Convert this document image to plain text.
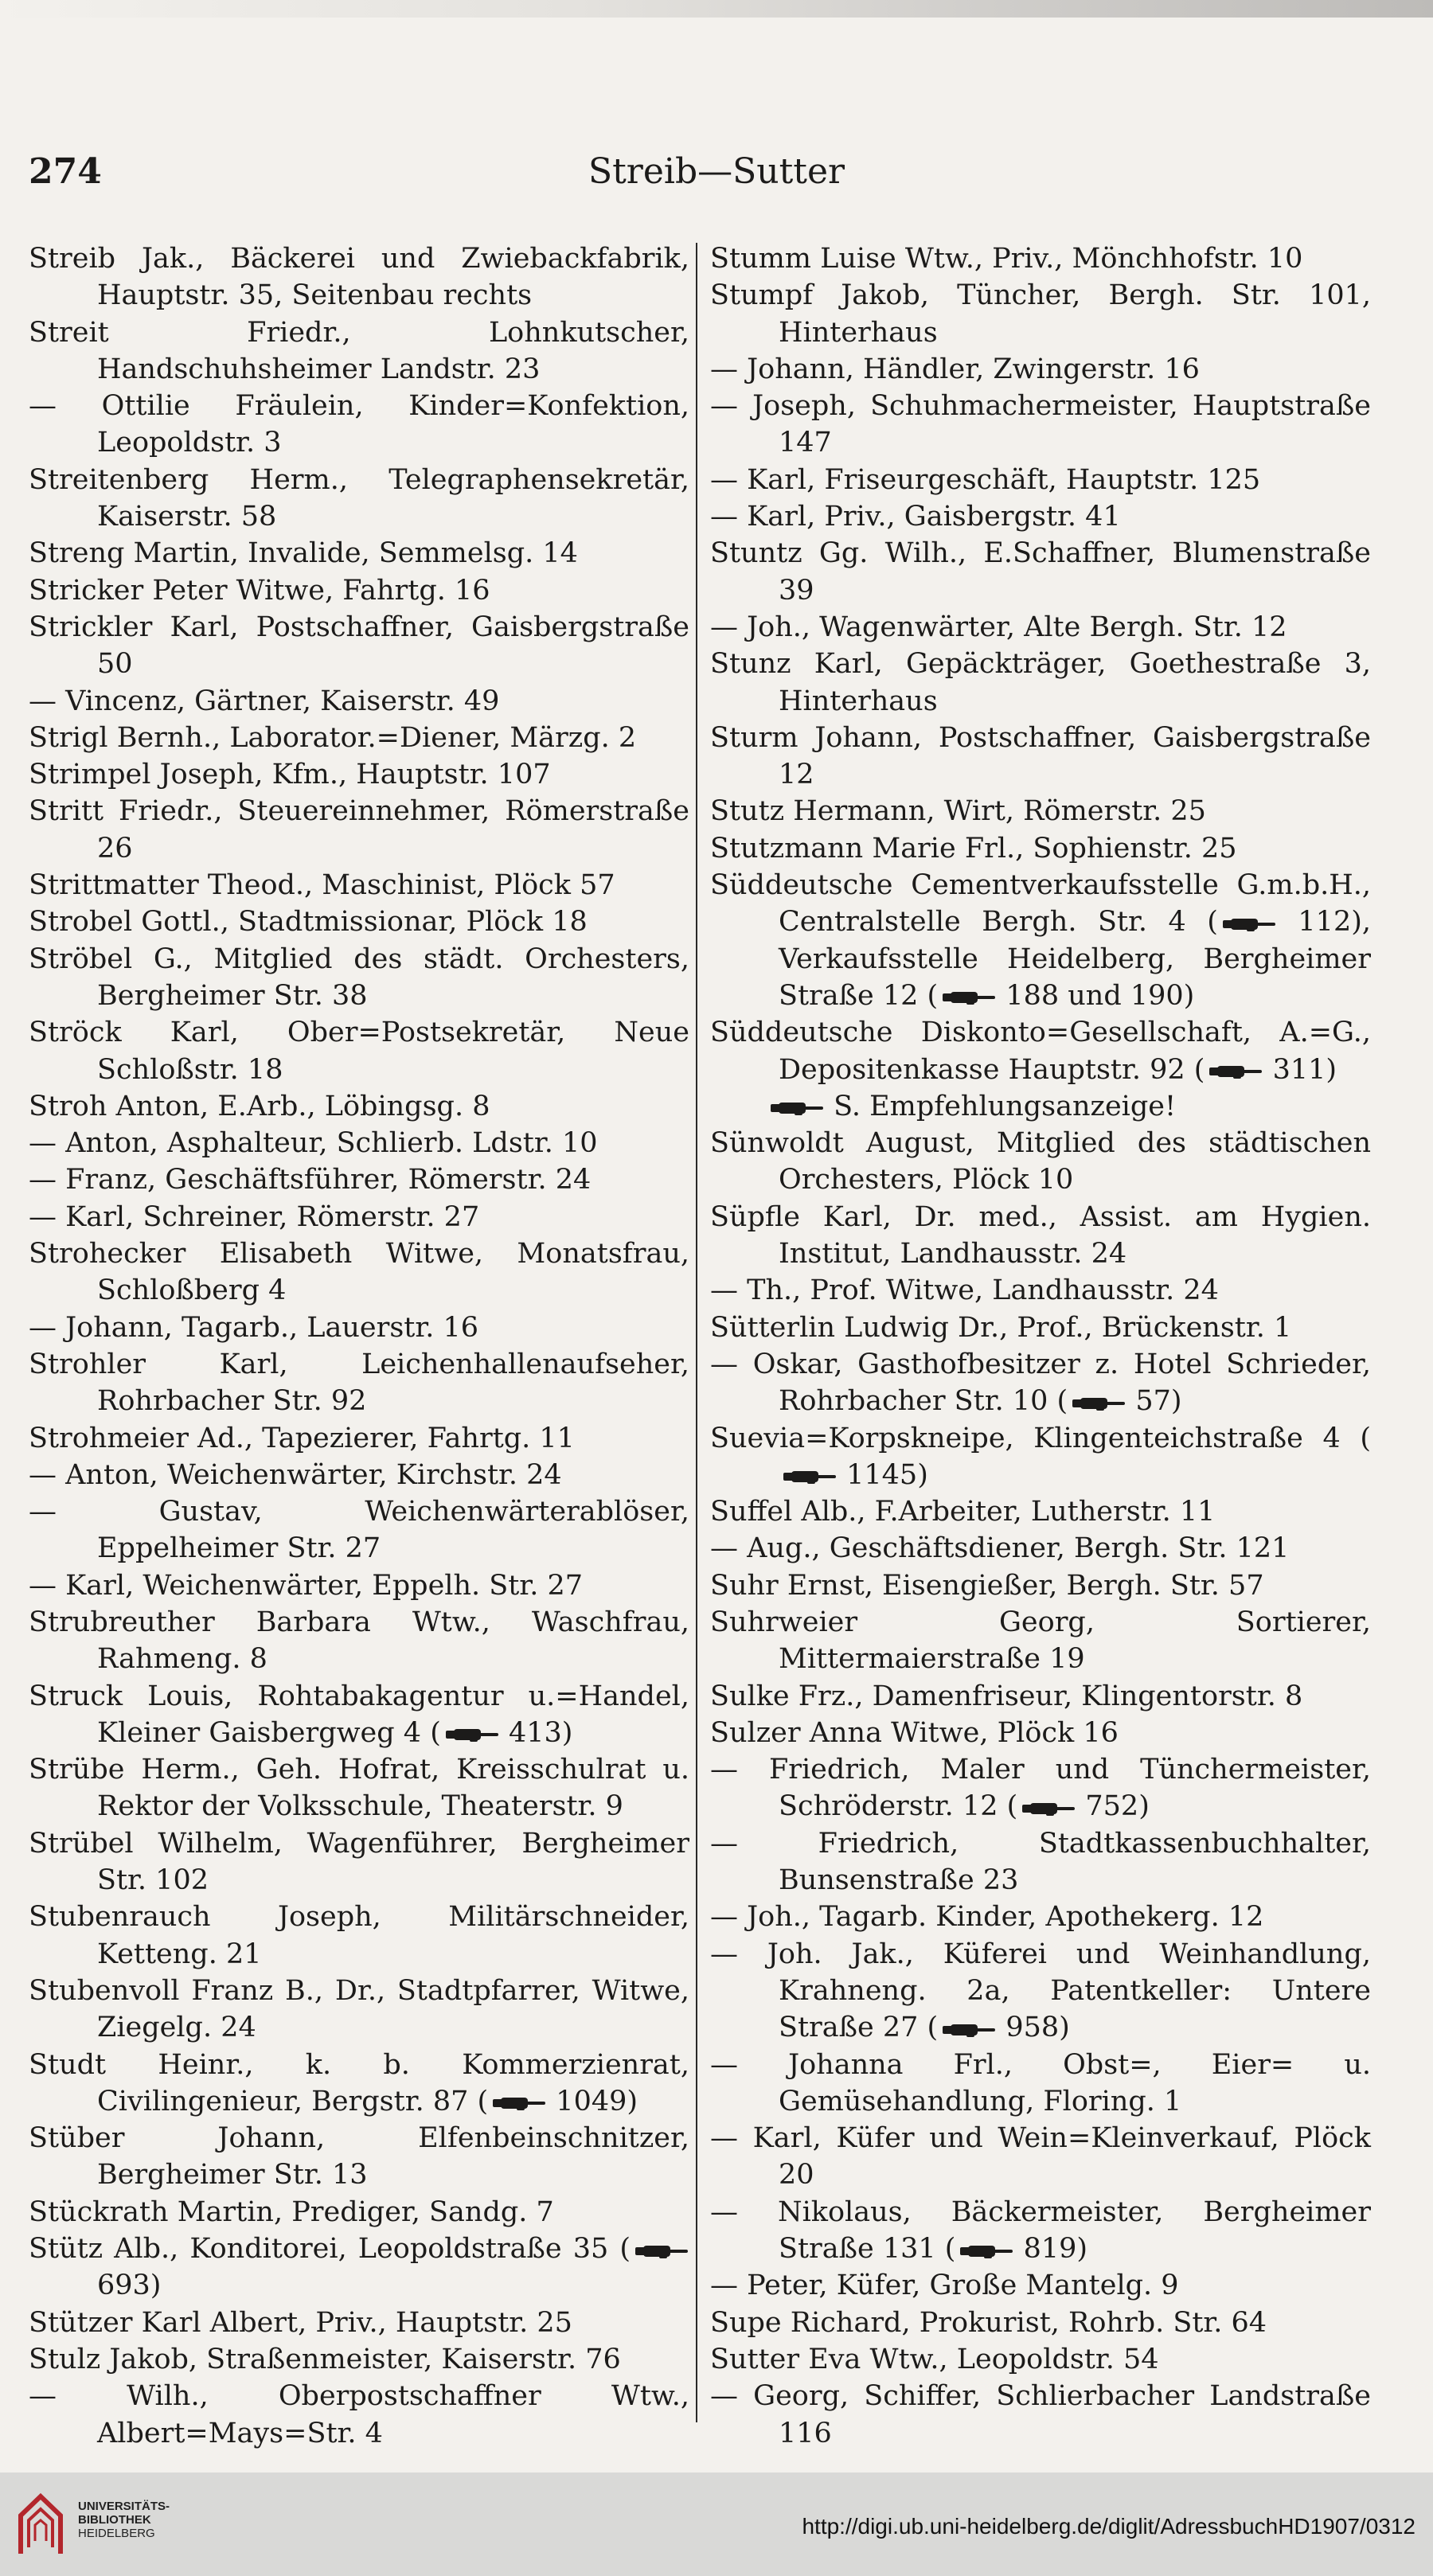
274	Streib—Sutter

Streib Jak., Bäckerei und Zwiebackfabrik, Hauptstr. 35, Seitenbau rechts

Streit Friedr., Lohnkutscher, Handschuhsheimer Landstr. 23

— Ottilie Fräulein, Kinder=Konfektion, Leopoldstr. 3

Streitenberg Herm., Telegraphensekretär, Kaiserstr. 58

Streng Martin, Invalide, Semmelsg. 14

Stricker Peter Witwe, Fahrtg. 16

Strickler Karl, Postschaffner, Gaisbergstraße 50

— Vincenz, Gärtner, Kaiserstr. 49

Strigl Bernh., Laborator.=Diener, Märzg. 2

Strimpel Joseph, Kfm., Hauptstr. 107

Stritt Friedr., Steuereinnehmer, Römerstraße 26

Strittmatter Theod., Maschinist, Plöck 57

Strobel Gottl., Stadtmissionar, Plöck 18

Ströbel G., Mitglied des städt. Orchesters, Bergheimer Str. 38

Ströck Karl, Ober=Postsekretär, Neue Schloßstr. 18

Stroh Anton, E.Arb., Löbingsg. 8

— Anton, Asphalteur, Schlierb. Ldstr. 10

— Franz, Geschäftsführer, Römerstr. 24

— Karl, Schreiner, Römerstr. 27

Strohecker Elisabeth Witwe, Monatsfrau, Schloßberg 4

— Johann, Tagarb., Lauerstr. 16

Strohler Karl, Leichenhallenaufseher, Rohrbacher Str. 92

Strohmeier Ad., Tapezierer, Fahrtg. 11

— Anton, Weichenwärter, Kirchstr. 24

— Gustav, Weichenwärterablöser, Eppelheimer Str. 27

— Karl, Weichenwärter, Eppelh. Str. 27

Strubreuther Barbara Wtw., Waschfrau, Rahmeng. 8

Struck Louis, Rohtabakagentur u.=Handel, Kleiner Gaisbergweg 4 ( 413)

Strübe Herm., Geh. Hofrat, Kreisschulrat u. Rektor der Volksschule, Theaterstr. 9

Strübel Wilhelm, Wagenführer, Bergheimer Str. 102

Stubenrauch Joseph, Militärschneider, Ketteng. 21

Stubenvoll Franz B., Dr., Stadtpfarrer, Witwe, Ziegelg. 24

Studt Heinr., k. b. Kommerzienrat, Civilingenieur, Bergstr. 87 ( 1049)

Stüber Johann, Elfenbeinschnitzer, Bergheimer Str. 13

Stückrath Martin, Prediger, Sandg. 7

Stütz Alb., Konditorei, Leopoldstraße 35 ( 693)

Stützer Karl Albert, Priv., Hauptstr. 25

Stulz Jakob, Straßenmeister, Kaiserstr. 76

— Wilh., Oberpostschaffner Wtw., Albert=Mays=Str. 4

Stumm Luise Wtw., Priv., Mönchhofstr. 10

Stumpf Jakob, Tüncher, Bergh. Str. 101, Hinterhaus

— Johann, Händler, Zwingerstr. 16

— Joseph, Schuhmachermeister, Hauptstraße 147

— Karl, Friseurgeschäft, Hauptstr. 125

— Karl, Priv., Gaisbergstr. 41

Stuntz Gg. Wilh., E.Schaffner, Blumenstraße 39

— Joh., Wagenwärter, Alte Bergh. Str. 12

Stunz Karl, Gepäckträger, Goethestraße 3, Hinterhaus

Sturm Johann, Postschaffner, Gaisbergstraße 12

Stutz Hermann, Wirt, Römerstr. 25

Stutzmann Marie Frl., Sophienstr. 25

Süddeutsche Cementverkaufsstelle G.m.b.H., Centralstelle Bergh. Str. 4 ( 112), Verkaufsstelle Heidelberg, Bergheimer Straße 12 ( 188 und 190)

Süddeutsche Diskonto=Gesellschaft, A.=G., Depositenkasse Hauptstr. 92 ( 311)

S. Empfehlungsanzeige!

Sünwoldt August, Mitglied des städtischen Orchesters, Plöck 10

Süpfle Karl, Dr. med., Assist. am Hygien. Institut, Landhausstr. 24

— Th., Prof. Witwe, Landhausstr. 24

Sütterlin Ludwig Dr., Prof., Brückenstr. 1

— Oskar, Gasthofbesitzer z. Hotel Schrieder, Rohrbacher Str. 10 ( 57)

Suevia=Korpskneipe, Klingenteichstraße 4 ( 1145)

Suffel Alb., F.Arbeiter, Lutherstr. 11

— Aug., Geschäftsdiener, Bergh. Str. 121

Suhr Ernst, Eisengießer, Bergh. Str. 57

Suhrweier Georg, Sortierer, Mittermaierstraße 19

Sulke Frz., Damenfriseur, Klingentorstr. 8

Sulzer Anna Witwe, Plöck 16

— Friedrich, Maler und Tünchermeister, Schröderstr. 12 ( 752)

— Friedrich, Stadtkassenbuchhalter, Bunsenstraße 23

— Joh., Tagarb. Kinder, Apothekerg. 12

— Joh. Jak., Küferei und Weinhandlung, Krahneng. 2a, Patentkeller: Untere Straße 27 ( 958)

— Johanna Frl., Obst=, Eier= u. Gemüsehandlung, Floring. 1

— Karl, Küfer und Wein=Kleinverkauf, Plöck 20

— Nikolaus, Bäckermeister, Bergheimer Straße 131 ( 819)

— Peter, Küfer, Große Mantelg. 9

Supe Richard, Prokurist, Rohrb. Str. 64

Sutter Eva Wtw., Leopoldstr. 54

— Georg, Schiffer, Schlierbacher Landstraße 116

UNIVERSITÄTS-
BIBLIOTHEK
HEIDELBERG	http://digi.ub.uni-heidelberg.de/diglit/AdressbuchHD1907/0312
